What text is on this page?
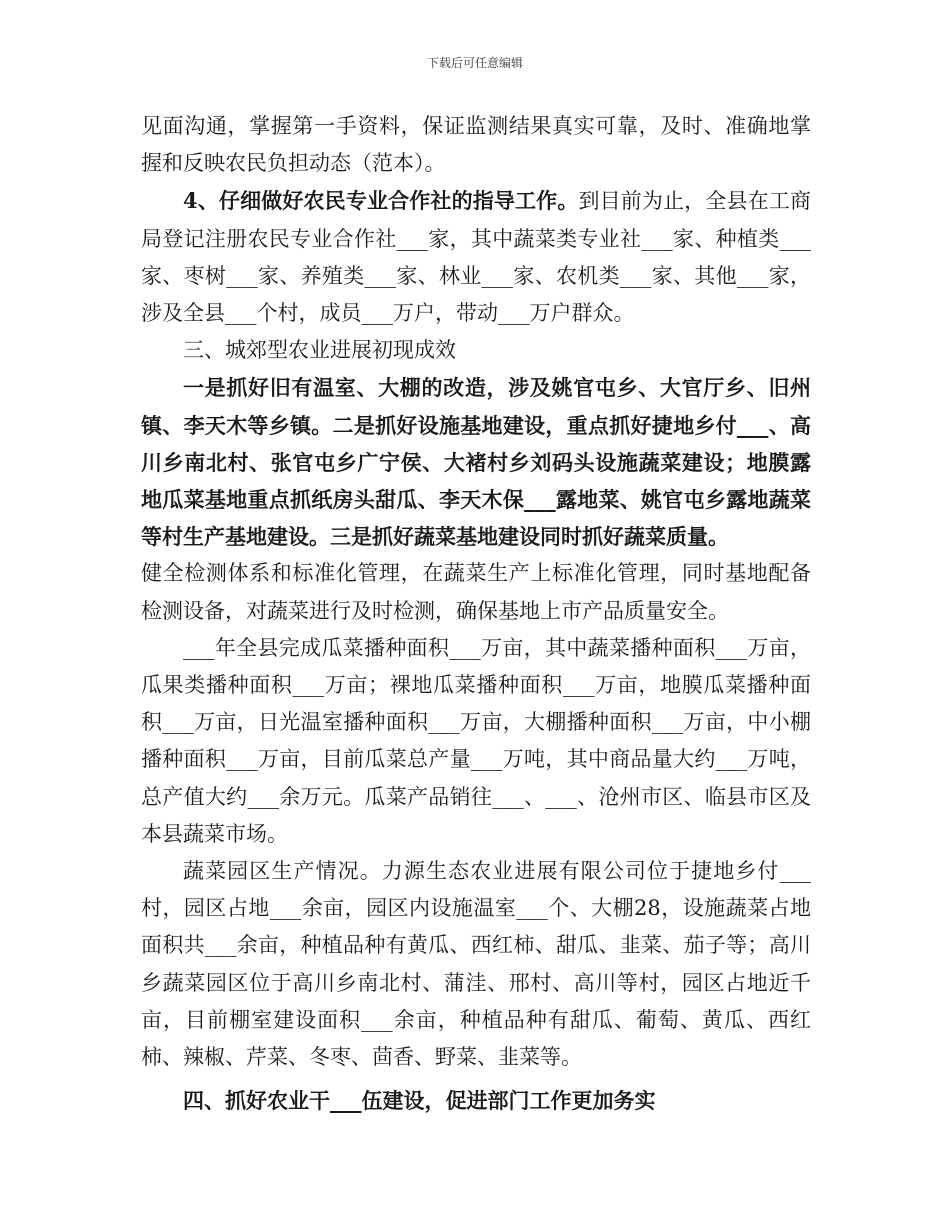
下载后可任意编辑

见面沟通，掌握第一手资料，保证监测结果真实可靠，及时、准确地掌握和反映农民负担动态（范本）。

4、仔细做好农民专业合作社的指导工作。到目前为止，全县在工商局登记注册农民专业合作社___家，其中蔬菜类专业社___家、种植类___家、枣树___家、养殖类___家、林业___家、农机类___家、其他___家，涉及全县___个村，成员___万户，带动___万户群众。

三、城郊型农业进展初现成效

一是抓好旧有温室、大棚的改造，涉及姚官屯乡、大官厅乡、旧州镇、李天木等乡镇。二是抓好设施基地建设，重点抓好捷地乡付___、高川乡南北村、张官屯乡广宁侯、大褚村乡刘码头设施蔬菜建设；地膜露地瓜菜基地重点抓纸房头甜瓜、李天木保___露地菜、姚官屯乡露地蔬菜等村生产基地建设。三是抓好蔬菜基地建设同时抓好蔬菜质量。

健全检测体系和标准化管理，在蔬菜生产上标准化管理，同时基地配备检测设备，对蔬菜进行及时检测，确保基地上市产品质量安全。

___年全县完成瓜菜播种面积___万亩，其中蔬菜播种面积___万亩，瓜果类播种面积___万亩；裸地瓜菜播种面积___万亩，地膜瓜菜播种面积___万亩，日光温室播种面积___万亩，大棚播种面积___万亩，中小棚播种面积___万亩，目前瓜菜总产量___万吨，其中商品量大约___万吨，总产值大约___余万元。瓜菜产品销往___、___、沧州市区、临县市区及本县蔬菜市场。

蔬菜园区生产情况。力源生态农业进展有限公司位于捷地乡付___村，园区占地___余亩，园区内设施温室___个、大棚28，设施蔬菜占地面积共___余亩，种植品种有黄瓜、西红柿、甜瓜、韭菜、茄子等；高川乡蔬菜园区位于高川乡南北村、蒲洼、邢村、高川等村，园区占地近千亩，目前棚室建设面积___余亩，种植品种有甜瓜、葡萄、黄瓜、西红柿、辣椒、芹菜、冬枣、茴香、野菜、韭菜等。

四、抓好农业干___伍建设，促进部门工作更加务实
